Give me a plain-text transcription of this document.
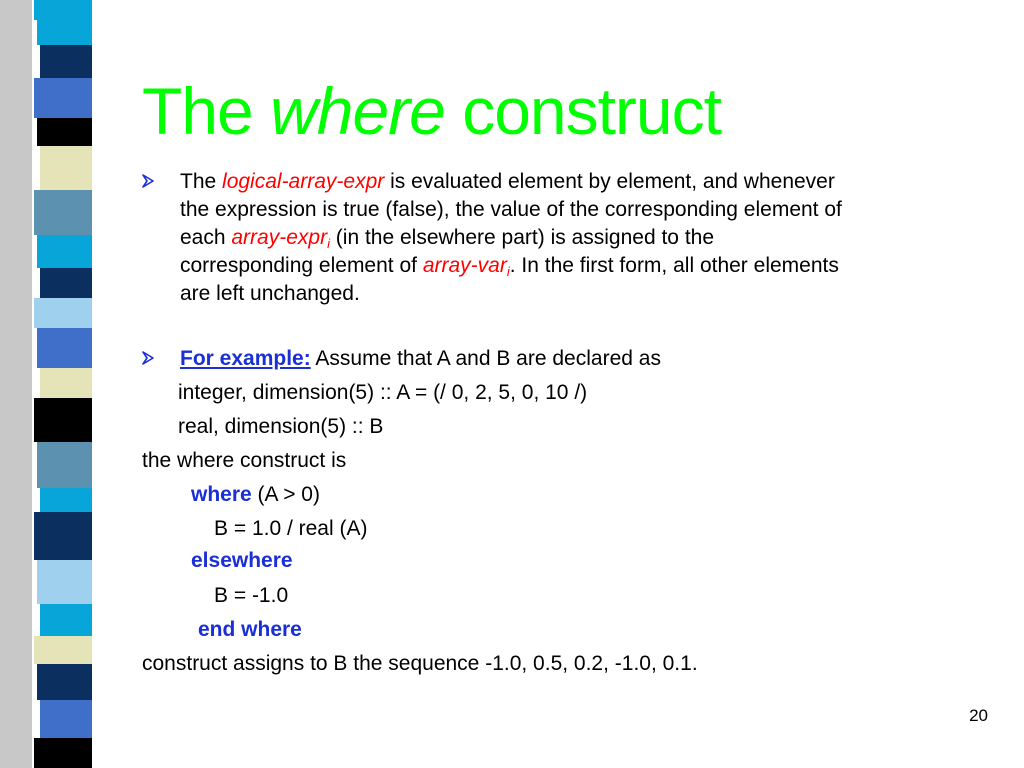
The where construct
The logical-array-expr is evaluated element by element, and whenever
the expression is true (false), the value of the corresponding element of
each array-expr$_i$ (in the elsewhere part) is assigned to the
corresponding element of array-var$_i$. In the first form, all other elements
are left unchanged.
For example: Assume that A and B are declared as
integer, dimension(5) :: A = (/ 0, 2, 5, 0, 10 /)
real, dimension(5) :: B
the where construct is
where (A > 0)
B = 1.0 / real (A)
elsewhere
B = -1.0
end where
construct assigns to B the sequence -1.0, 0.5, 0.2, -1.0, 0.1.
20
